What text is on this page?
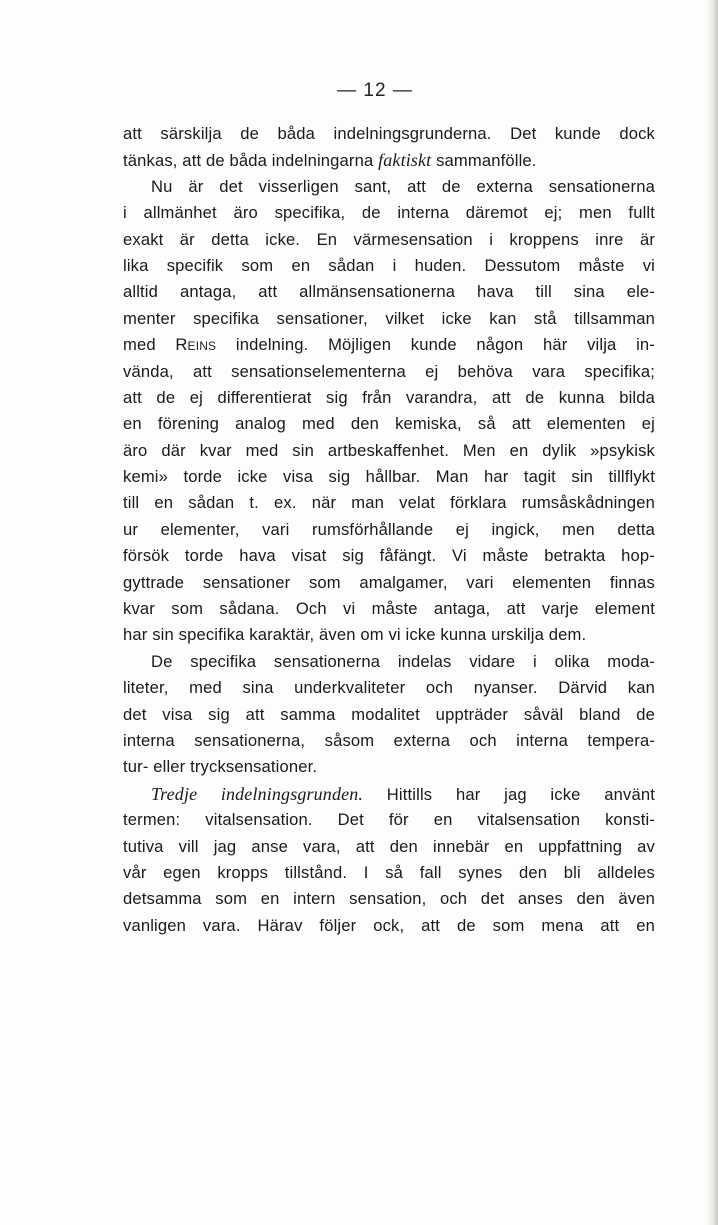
— 12 —
att särskilja de båda indelningsgrunderna. Det kunde dock
tänkas, att de båda indelningarna faktiskt sammanfölle.
Nu är det visserligen sant, att de externa sensationerna
i allmänhet äro specifika, de interna däremot ej; men fullt
exakt är detta icke. En värmesensation i kroppens inre är
lika specifik som en sådan i huden. Dessutom måste vi
alltid antaga, att allmänsensationerna hava till sina ele-
menter specifika sensationer, vilket icke kan stå tillsamman
med Reins indelning. Möjligen kunde någon här vilja in-
vända, att sensationselementerna ej behöva vara specifika;
att de ej differentierat sig från varandra, att de kunna bilda
en förening analog med den kemiska, så att elementen ej
äro där kvar med sin artbeskaffenhet. Men en dylik »psykisk
kemi» torde icke visa sig hållbar. Man har tagit sin tillflykt
till en sådan t. ex. när man velat förklara rumsåskådningen
ur elementer, vari rumsförhållande ej ingick, men detta
försök torde hava visat sig fåfängt. Vi måste betrakta hop-
gyttrade sensationer som amalgamer, vari elementen finnas
kvar som sådana. Och vi måste antaga, att varje element
har sin specifika karaktär, även om vi icke kunna urskilja dem.
De specifika sensationerna indelas vidare i olika moda-
liteter, med sina underkvaliteter och nyanser. Därvid kan
det visa sig att samma modalitet uppträder såväl bland de
interna sensationerna, såsom externa och interna tempera-
tur- eller trycksensationer.
Tredje indelningsgrunden. Hittills har jag icke använt
termen: vitalsensation. Det för en vitalsensation konsti-
tutiva vill jag anse vara, att den innebär en uppfattning av
vår egen kropps tillstånd. I så fall synes den bli alldeles
detsamma som en intern sensation, och det anses den även
vanligen vara. Härav följer ock, att de som mena att en
